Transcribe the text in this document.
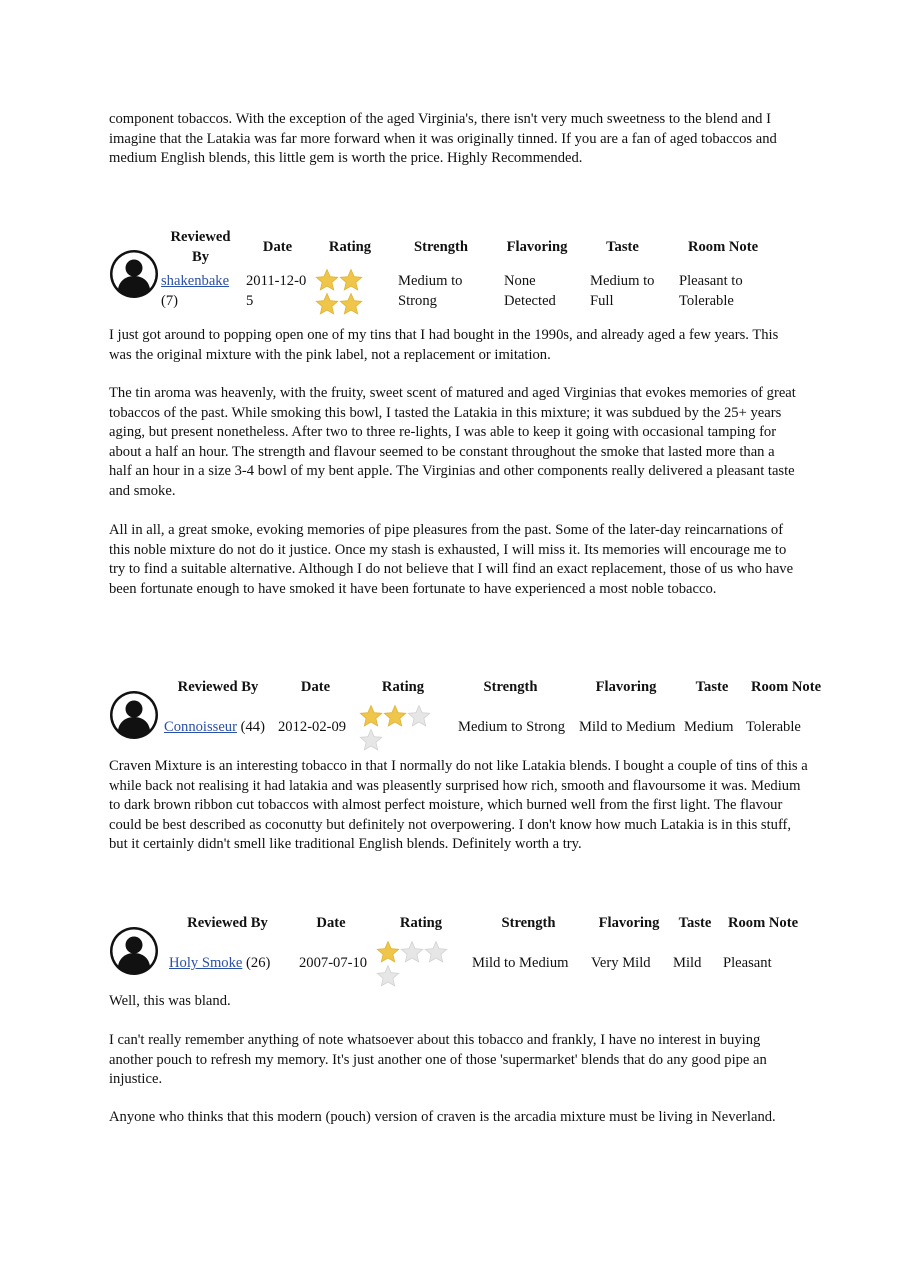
component tobaccos. With the exception of the aged Virginia's, there isn't very much sweetness to the blend and I imagine that the Latakia was far more forward when it was originally tinned. If you are a fan of aged tobaccos and medium English blends, this little gem is worth the price. Highly Recommended.

Reviewed By	Date	Rating	Strength	Flavoring	Taste	Room Note
shakenbake (7)	2011-12-05		Medium to Strong	None Detected	Medium to Full	Pleasant to Tolerable

I just got around to popping open one of my tins that I had bought in the 1990s, and already aged a few years. This was the original mixture with the pink label, not a replacement or imitation.

The tin aroma was heavenly, with the fruity, sweet scent of matured and aged Virginias that evokes memories of great tobaccos of the past. While smoking this bowl, I tasted the Latakia in this mixture; it was subdued by the 25+ years aging, but present nonetheless. After two to three re-lights, I was able to keep it going with occasional tamping for about a half an hour. The strength and flavour seemed to be constant throughout the smoke that lasted more than a half an hour in a size 3-4 bowl of my bent apple. The Virginias and other components really delivered a pleasant taste and smoke.

All in all, a great smoke, evoking memories of pipe pleasures from the past. Some of the later-day reincarnations of this noble mixture do not do it justice. Once my stash is exhausted, I will miss it. Its memories will encourage me to try to find a suitable alternative. Although I do not believe that I will find an exact replacement, those of us who have been fortunate enough to have smoked it have been fortunate to have experienced a most noble tobacco.

Reviewed By	Date	Rating	Strength	Flavoring	Taste	Room Note
Connoisseur (44)	2012-02-09		Medium to Strong	Mild to Medium	Medium	Tolerable

Craven Mixture is an interesting tobacco in that I normally do not like Latakia blends. I bought a couple of tins of this a while back not realising it had latakia and was pleasently surprised how rich, smooth and flavoursome it was. Medium to dark brown ribbon cut tobaccos with almost perfect moisture, which burned well from the first light. The flavour could be best described as coconutty but definitely not overpowering. I don't know how much Latakia is in this stuff, but it certainly didn't smell like traditional English blends. Definitely worth a try.

Reviewed By	Date	Rating	Strength	Flavoring	Taste	Room Note
Holy Smoke (26)	2007-07-10		Mild to Medium	Very Mild	Mild	Pleasant

Well, this was bland.

I can't really remember anything of note whatsoever about this tobacco and frankly, I have no interest in buying another pouch to refresh my memory. It's just another one of those 'supermarket' blends that do any good pipe an injustice.

Anyone who thinks that this modern (pouch) version of craven is the arcadia mixture must be living in Neverland.
